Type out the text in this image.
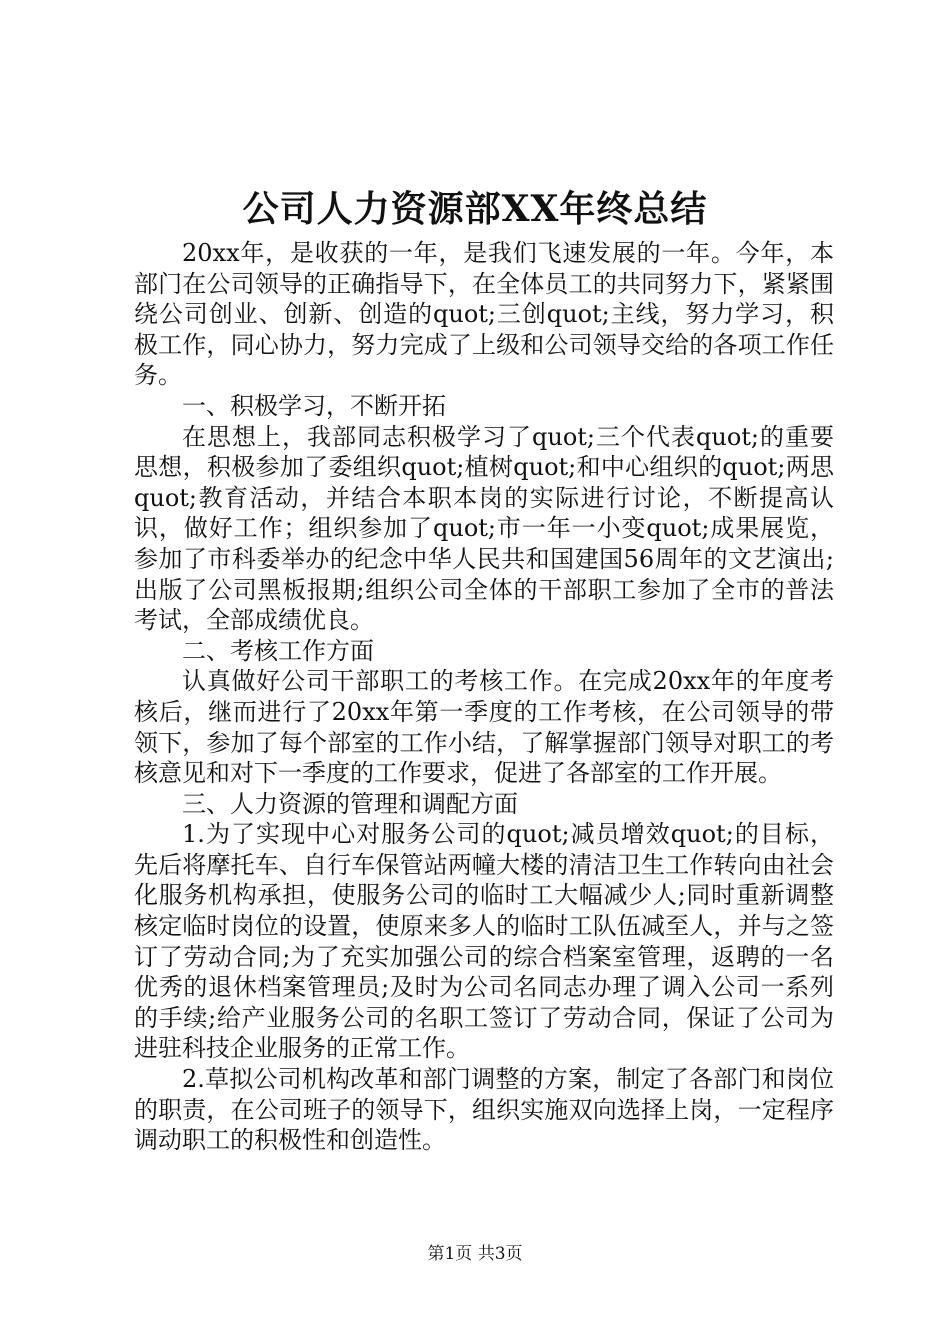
公司人力资源部XX年终总结

20xx年，是收获的一年，是我们飞速发展的一年。今年，本部门在公司领导的正确指导下，在全体员工的共同努力下，紧紧围绕公司创业、创新、创造的quot;三创quot;主线，努力学习，积极工作，同心协力，努力完成了上级和公司领导交给的各项工作任务。

一、积极学习，不断开拓

在思想上，我部同志积极学习了quot;三个代表quot;的重要思想，积极参加了委组织quot;植树quot;和中心组织的quot;两思quot;教育活动，并结合本职本岗的实际进行讨论，不断提高认识，做好工作；组织参加了quot;市一年一小变quot;成果展览，参加了市科委举办的纪念中华人民共和国建国56周年的文艺演出;出版了公司黑板报期;组织公司全体的干部职工参加了全市的普法考试，全部成绩优良。

二、考核工作方面

认真做好公司干部职工的考核工作。在完成20xx年的年度考核后，继而进行了20xx年第一季度的工作考核，在公司领导的带领下，参加了每个部室的工作小结，了解掌握部门领导对职工的考核意见和对下一季度的工作要求，促进了各部室的工作开展。

三、人力资源的管理和调配方面

1.为了实现中心对服务公司的quot;减员增效quot;的目标，先后将摩托车、自行车保管站两幢大楼的清洁卫生工作转向由社会化服务机构承担，使服务公司的临时工大幅减少人;同时重新调整核定临时岗位的设置，使原来多人的临时工队伍减至人，并与之签订了劳动合同;为了充实加强公司的综合档案室管理，返聘的一名优秀的退休档案管理员;及时为公司名同志办理了调入公司一系列的手续;给产业服务公司的名职工签订了劳动合同，保证了公司为进驻科技企业服务的正常工作。

2.草拟公司机构改革和部门调整的方案，制定了各部门和岗位的职责，在公司班子的领导下，组织实施双向选择上岗，一定程序调动职工的积极性和创造性。

第1页 共3页
